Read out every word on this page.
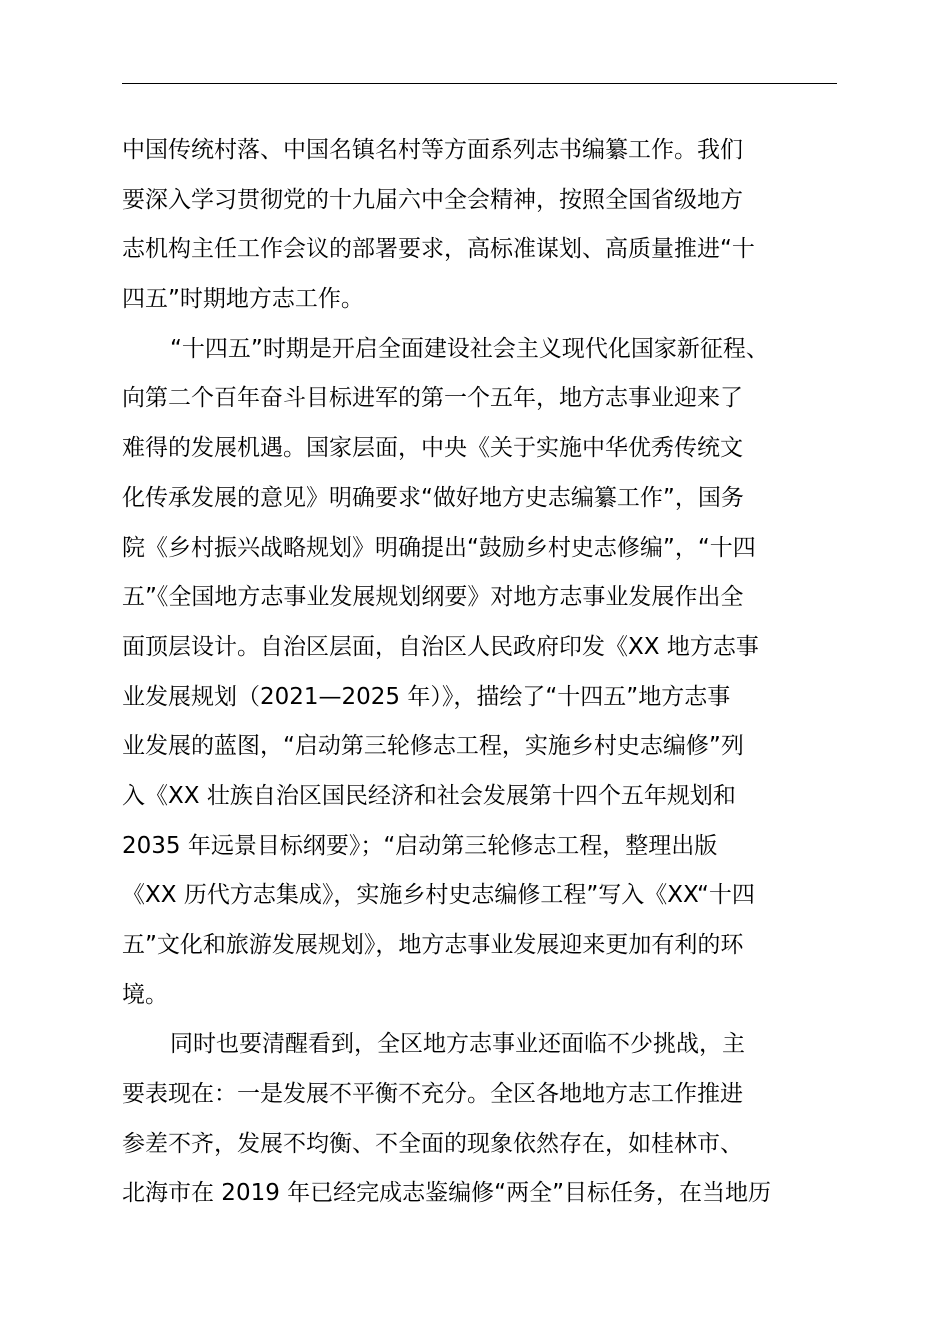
中国传统村落、中国名镇名村等方面系列志书编纂工作。我们
要深入学习贯彻党的十九届六中全会精神，按照全国省级地方
志机构主任工作会议的部署要求，高标准谋划、高质量推进“十
四五”时期地方志工作。
“十四五”时期是开启全面建设社会主义现代化国家新征程、
向第二个百年奋斗目标进军的第一个五年，地方志事业迎来了
难得的发展机遇。国家层面，中央《关于实施中华优秀传统文
化传承发展的意见》明确要求“做好地方史志编纂工作”，国务
院《乡村振兴战略规划》明确提出“鼓励乡村史志修编”，“十四
五”《全国地方志事业发展规划纲要》对地方志事业发展作出全
面顶层设计。自治区层面，自治区人民政府印发《XX 地方志事
业发展规划（2021—2025 年）》，描绘了“十四五”地方志事
业发展的蓝图，“启动第三轮修志工程，实施乡村史志编修”列
入《XX 壮族自治区国民经济和社会发展第十四个五年规划和
2035 年远景目标纲要》；“启动第三轮修志工程，整理出版
《XX 历代方志集成》，实施乡村史志编修工程”写入《XX“十四
五”文化和旅游发展规划》，地方志事业发展迎来更加有利的环
境。
同时也要清醒看到，全区地方志事业还面临不少挑战，主
要表现在：一是发展不平衡不充分。全区各地地方志工作推进
参差不齐，发展不均衡、不全面的现象依然存在，如桂林市、
北海市在 2019 年已经完成志鉴编修“两全”目标任务，在当地历
